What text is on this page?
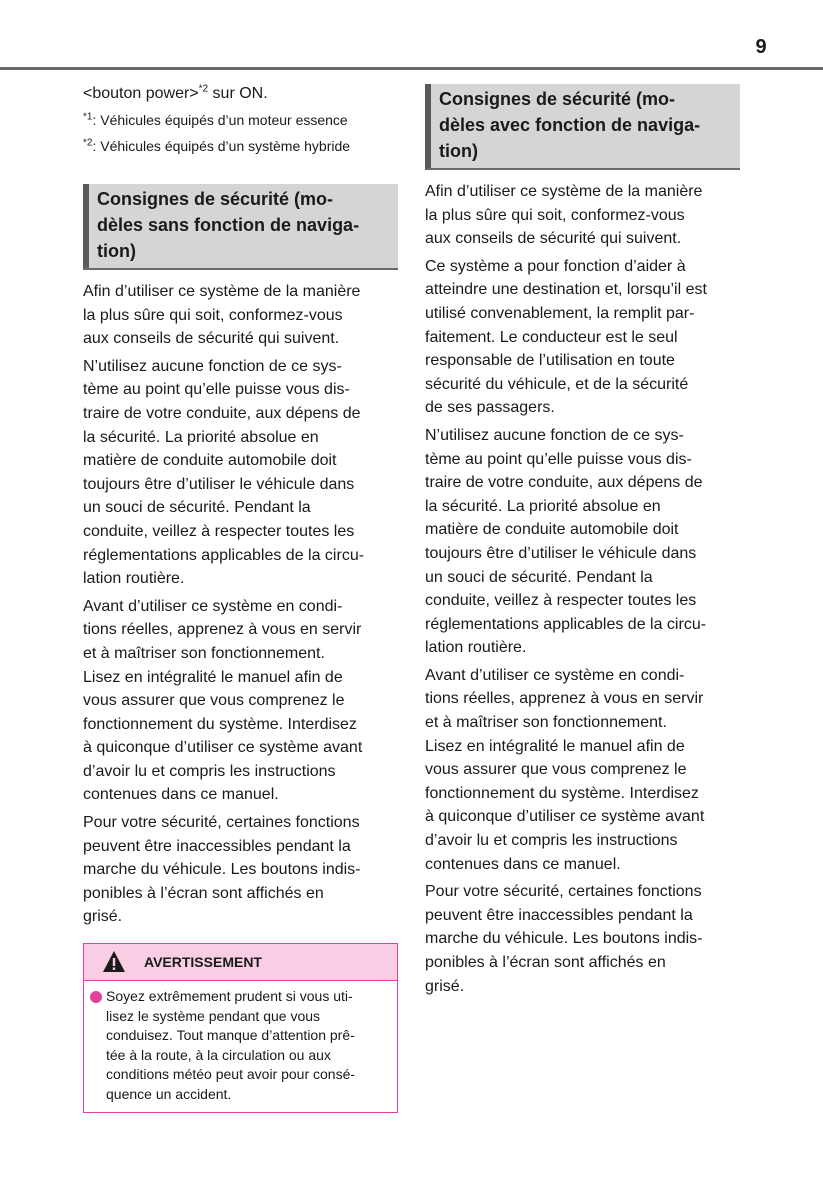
9
<bouton power>$^{*2}$ sur ON.
$^{*1}$: Véhicules équipés d’un moteur essence
$^{*2}$: Véhicules équipés d’un système hybride

Consignes de sécurité (mo-

dèles sans fonction de naviga-

tion)

Afin d’utiliser ce système de la manière
la plus sûre qui soit, conformez-vous
aux conseils de sécurité qui suivent.
N’utilisez aucune fonction de ce sys-
tème au point qu’elle puisse vous dis-
traire de votre conduite, aux dépens de
la sécurité. La priorité absolue en
matière de conduite automobile doit
toujours être d’utiliser le véhicule dans
un souci de sécurité. Pendant la
conduite, veillez à respecter toutes les
réglementations applicables de la circu-
lation routière.
Avant d’utiliser ce système en condi-
tions réelles, apprenez à vous en servir
et à maîtriser son fonctionnement.
Lisez en intégralité le manuel afin de
vous assurer que vous comprenez le
fonctionnement du système. Interdisez
à quiconque d’utiliser ce système avant
d’avoir lu et compris les instructions
contenues dans ce manuel.
Pour votre sécurité, certaines fonctions
peuvent être inaccessibles pendant la
marche du véhicule. Les boutons indis-
ponibles à l’écran sont affichés en
grisé.
AVERTISSEMENT
Soyez extrêmement prudent si vous uti-
lisez le système pendant que vous
conduisez. Tout manque d’attention prê-
tée à la route, à la circulation ou aux
conditions météo peut avoir pour consé-
quence un accident.

Consignes de sécurité (mo-

dèles avec fonction de naviga-

tion)

Afin d’utiliser ce système de la manière
la plus sûre qui soit, conformez-vous
aux conseils de sécurité qui suivent.
Ce système a pour fonction d’aider à
atteindre une destination et, lorsqu’il est
utilisé convenablement, la remplit par-
faitement. Le conducteur est le seul
responsable de l’utilisation en toute
sécurité du véhicule, et de la sécurité
de ses passagers.
N’utilisez aucune fonction de ce sys-
tème au point qu’elle puisse vous dis-
traire de votre conduite, aux dépens de
la sécurité. La priorité absolue en
matière de conduite automobile doit
toujours être d’utiliser le véhicule dans
un souci de sécurité. Pendant la
conduite, veillez à respecter toutes les
réglementations applicables de la circu-
lation routière.
Avant d’utiliser ce système en condi-
tions réelles, apprenez à vous en servir
et à maîtriser son fonctionnement.
Lisez en intégralité le manuel afin de
vous assurer que vous comprenez le
fonctionnement du système. Interdisez
à quiconque d’utiliser ce système avant
d’avoir lu et compris les instructions
contenues dans ce manuel.
Pour votre sécurité, certaines fonctions
peuvent être inaccessibles pendant la
marche du véhicule. Les boutons indis-
ponibles à l’écran sont affichés en
grisé.
